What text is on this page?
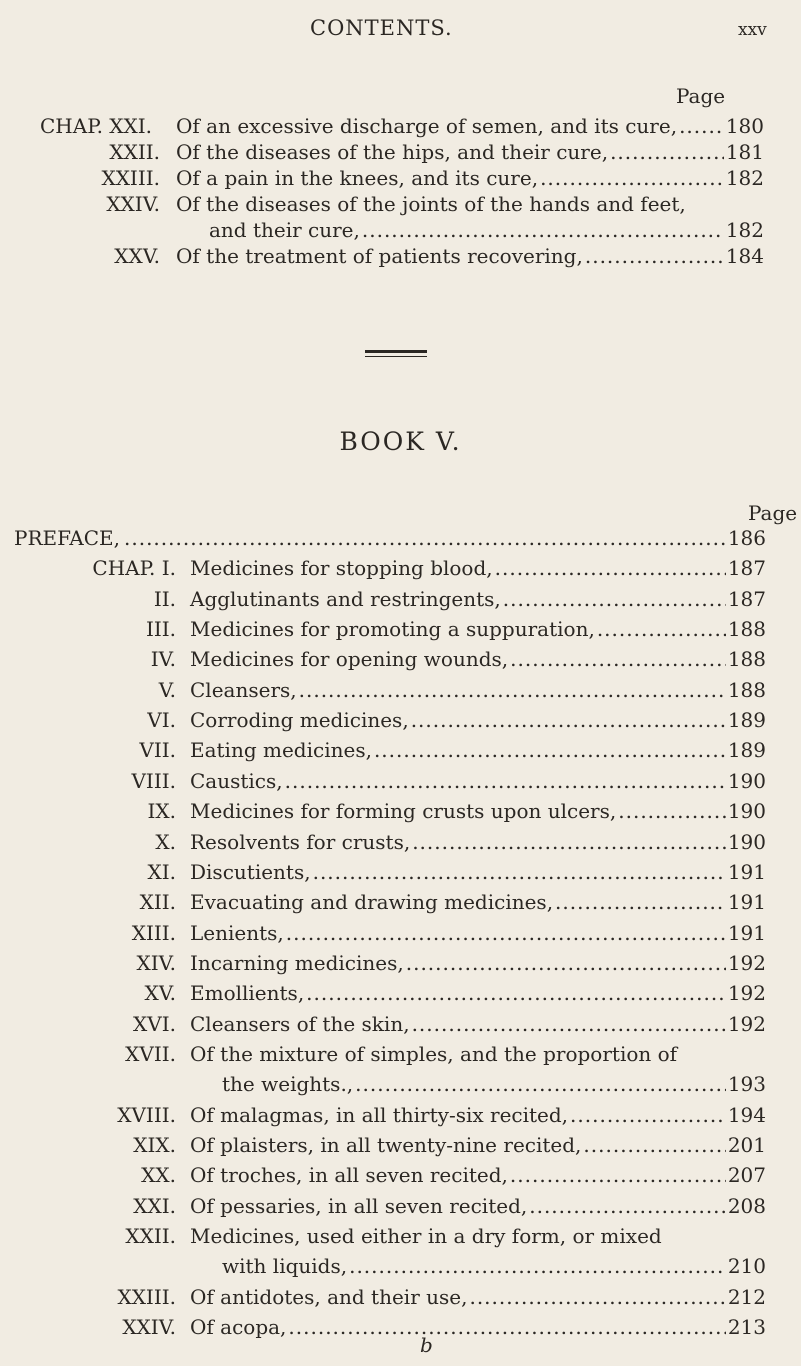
CONTENTS.	xxv
Page
CHAP. XXI. Of an excessive discharge of semen, and its cure, ..... 180
XXII. Of the diseases of the hips, and their cure, .....	181
XXIII. Of a pain in the knees, and its cure, .....	182
XXIV. Of the diseases of the joints of the hands and feet,
and their cure, .....	182
XXV. Of the treatment of patients recovering, .....	184
BOOK V.
Page
PREFACE, .....	186
CHAP. I. Medicines for stopping blood, .....	187
II. Agglutinants and restringents, .....	187
III. Medicines for promoting a suppuration, .....	188
IV. Medicines for opening wounds, .....	188
V. Cleansers, .....	188
VI. Corroding medicines, .....	189
VII. Eating medicines, .....	189
VIII. Caustics, .....	190
IX. Medicines for forming crusts upon ulcers, .....	190
X. Resolvents for crusts, .....	190
XI. Discutients, .....	191
XII. Evacuating and drawing medicines, .....	191
XIII. Lenients, .....	191
XIV. Incarning medicines, .....	192
XV. Emollients, .....	192
XVI. Cleansers of the skin, .....	192
XVII. Of the mixture of simples, and the proportion of
the weights., .....	193
XVIII. Of malagmas, in all thirty-six recited, .....	194
XIX. Of plaisters, in all twenty-nine recited, .....	201
XX. Of troches, in all seven recited, .....	207
XXI. Of pessaries, in all seven recited, .....	208
XXII. Medicines, used either in a dry form, or mixed
with liquids, .....	210
XXIII. Of antidotes, and their use, .....	212
XXIV. Of acopa, .....	213
b
